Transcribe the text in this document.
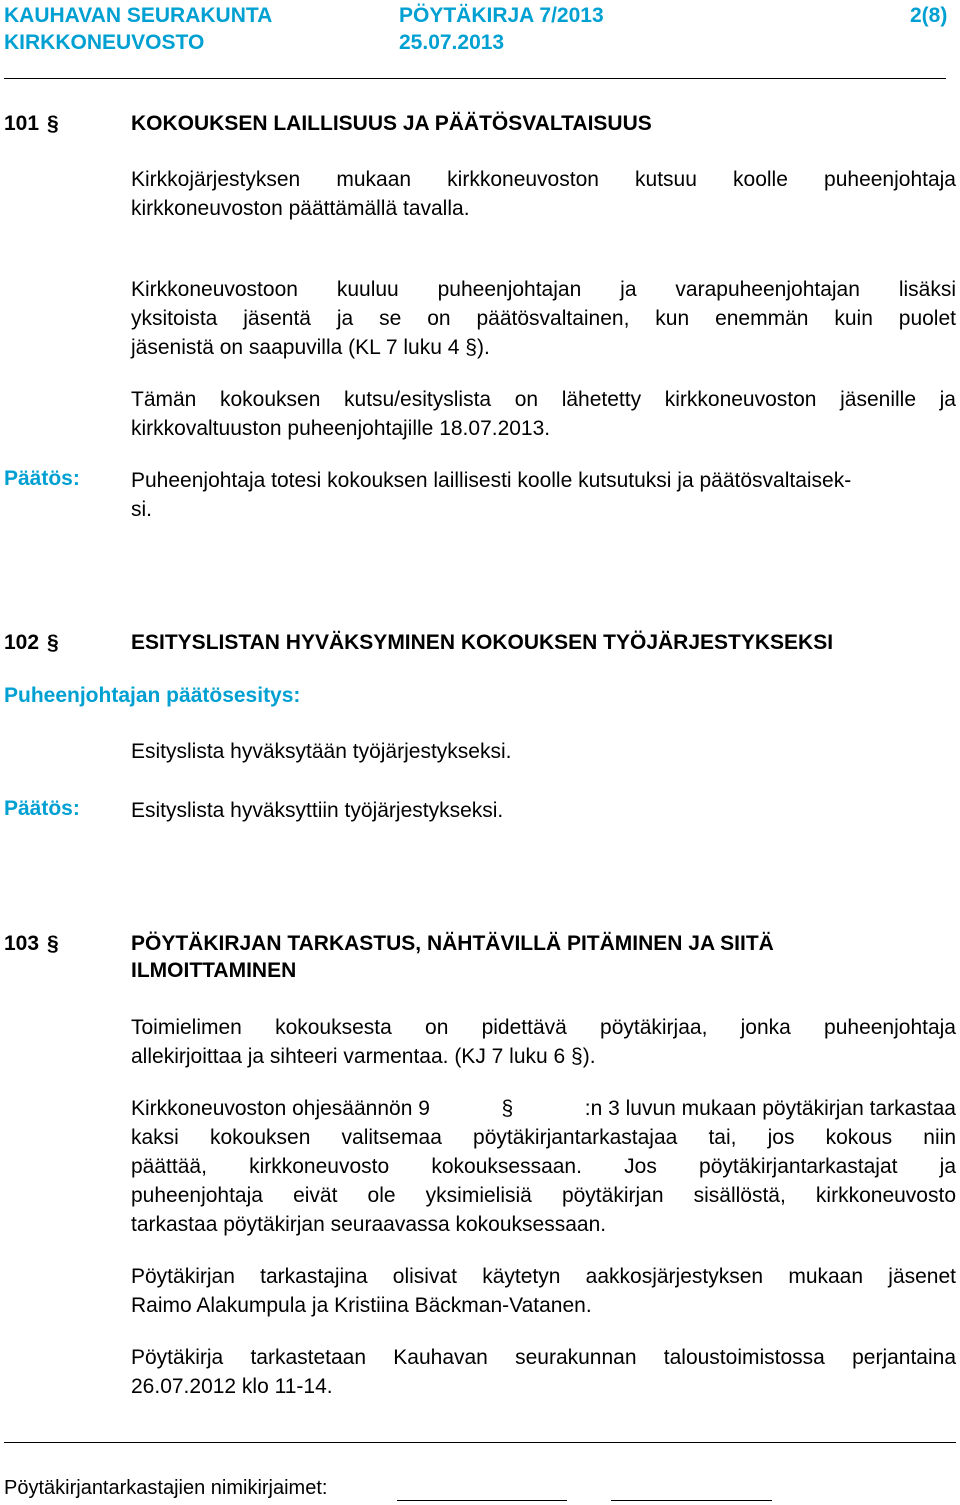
KAUHAVAN SEURAKUNTA	PÖYTÄKIRJA 7/2013	2(8)
KIRKKONEUVOSTO	25.07.2013
101 §	KOKOUKSEN LAILLISUUS JA PÄÄTÖSVALTAISUUS
Kirkkojärjestyksen mukaan kirkkoneuvoston kutsuu koolle puheenjohtaja
kirkkoneuvoston päättämällä tavalla.
Kirkkoneuvostoon kuuluu puheenjohtajan ja varapuheenjohtajan lisäksi
yksitoista jäsentä ja se on päätösvaltainen, kun enemmän kuin puolet
jäsenistä on saapuvilla (KL 7 luku 4 §).
Tämän kokouksen kutsu/esityslista on lähetetty kirkkoneuvoston jäsenille ja
kirkkovaltuuston puheenjohtajille 18.07.2013.
Päätös: Puheenjohtaja totesi kokouksen laillisesti koolle kutsutuksi ja päätösvaltaisek-
si.
102 §	ESITYSLISTAN HYVÄKSYMINEN KOKOUKSEN TYÖJÄRJESTYKSEKSI
Puheenjohtajan päätösesitys:
Esityslista hyväksytään työjärjestykseksi.
Päätös: Esityslista hyväksyttiin työjärjestykseksi.
103 §	PÖYTÄKIRJAN TARKASTUS, NÄHTÄVILLÄ PITÄMINEN JA SIITÄ
ILMOITTAMINEN
Toimielimen kokouksesta on pidettävä pöytäkirjaa, jonka puheenjohtaja
allekirjoittaa ja sihteeri varmentaa. (KJ 7 luku 6 §).
Kirkkoneuvoston ohjesäännön 9	§	:n 3 luvun mukaan pöytäkirjan tarkastaa
kaksi kokouksen valitsemaa pöytäkirjantarkastajaa tai, jos kokous niin
päättää, kirkkoneuvosto kokouksessaan. Jos pöytäkirjantarkastajat ja
puheenjohtaja eivät ole yksimielisiä pöytäkirjan sisällöstä, kirkkoneuvosto
tarkastaa pöytäkirjan seuraavassa kokouksessaan.
Pöytäkirjan tarkastajina olisivat käytetyn aakkosjärjestyksen mukaan jäsenet
Raimo Alakumpula ja Kristiina Bäckman-Vatanen.
Pöytäkirja tarkastetaan Kauhavan seurakunnan taloustoimistossa perjantaina
26.07.2012 klo 11-14.
Pöytäkirjantarkastajien nimikirjaimet:
